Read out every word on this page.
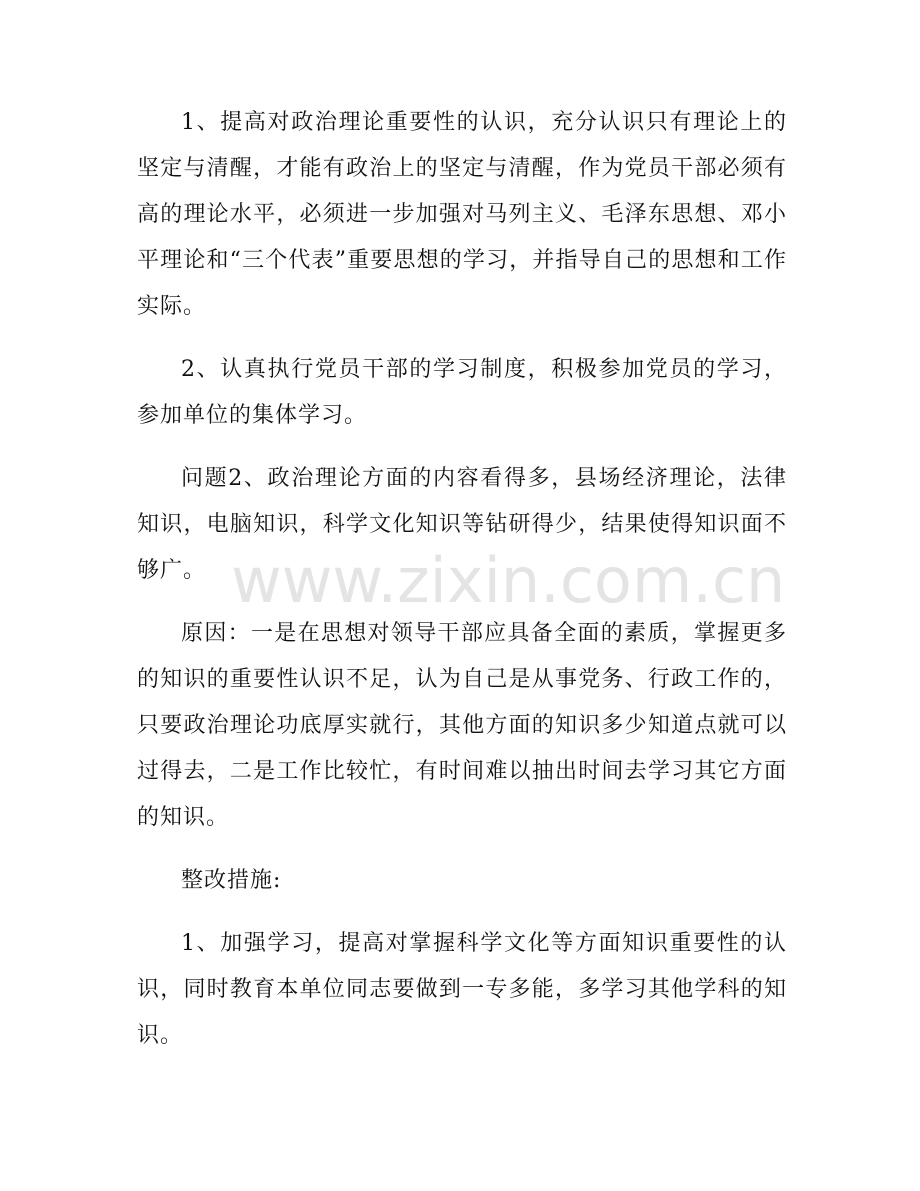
1、提高对政治理论重要性的认识，充分认识只有理论上的坚定与清醒，才能有政治上的坚定与清醒，作为党员干部必须有高的理论水平，必须进一步加强对马列主义、毛泽东思想、邓小平理论和“三个代表”重要思想的学习，并指导自己的思想和工作实际。

2、认真执行党员干部的学习制度，积极参加党员的学习，参加单位的集体学习。

问题2、政治理论方面的内容看得多，县场经济理论，法律知识，电脑知识，科学文化知识等钻研得少，结果使得知识面不够广。

原因：一是在思想对领导干部应具备全面的素质，掌握更多的知识的重要性认识不足，认为自己是从事党务、行政工作的，只要政治理论功底厚实就行，其他方面的知识多少知道点就可以过得去，二是工作比较忙，有时间难以抽出时间去学习其它方面的知识。

整改措施:

1、加强学习，提高对掌握科学文化等方面知识重要性的认识，同时教育本单位同志要做到一专多能，多学习其他学科的知识。

www.zixin.com.cn
